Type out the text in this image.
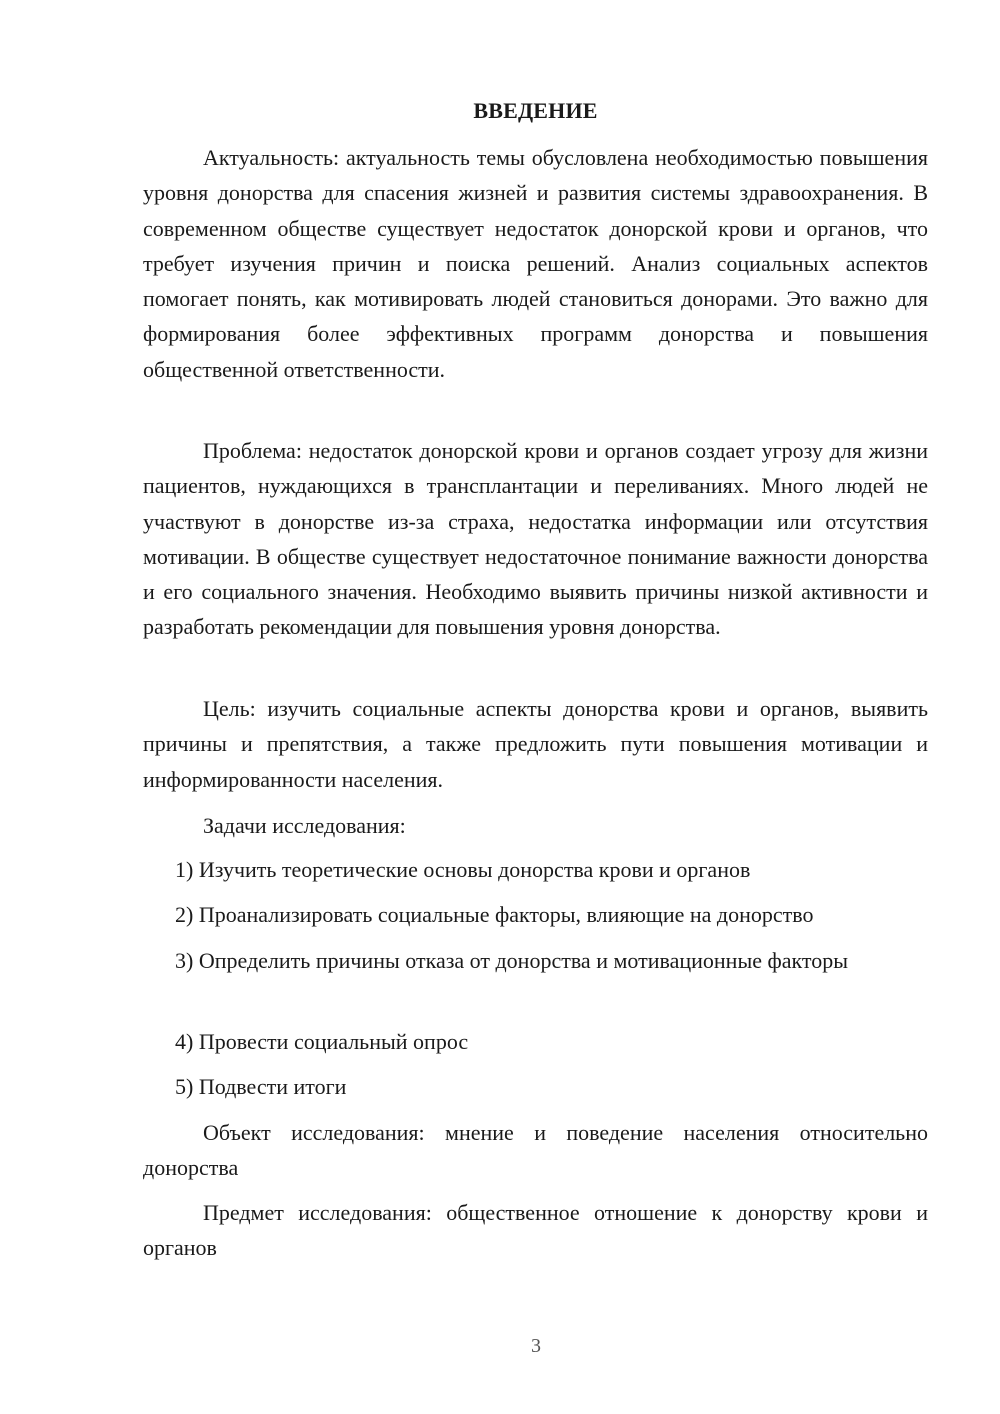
ВВЕДЕНИЕ

Актуальность: актуальность темы обусловлена необходимостью повышения уровня донорства для спасения жизней и развития системы здравоохранения. В современном обществе существует недостаток донорской крови и органов, что требует изучения причин и поиска решений. Анализ социальных аспектов помогает понять, как мотивировать людей становиться донорами. Это важно для формирования более эффективных программ донорства и повышения общественной ответственности.

Проблема: недостаток донорской крови и органов создает угрозу для жизни пациентов, нуждающихся в трансплантации и переливаниях. Много людей не участвуют в донорстве из-за страха, недостатка информации или отсутствия мотивации. В обществе существует недостаточное понимание важности донорства и его социального значения. Необходимо выявить причины низкой активности и разработать рекомендации для повышения уровня донорства.

Цель: изучить социальные аспекты донорства крови и органов, выявить причины и препятствия, а также предложить пути повышения мотивации и информированности населения.

Задачи исследования:

1) Изучить теоретические основы донорства крови и органов

2) Проанализировать социальные факторы, влияющие на донорство

3) Определить причины отказа от донорства и мотивационные факторы

4) Провести социальный опрос

5) Подвести итоги

Объект исследования: мнение и поведение населения относительно донорства

Предмет исследования: общественное отношение к донорству крови и органов

3
